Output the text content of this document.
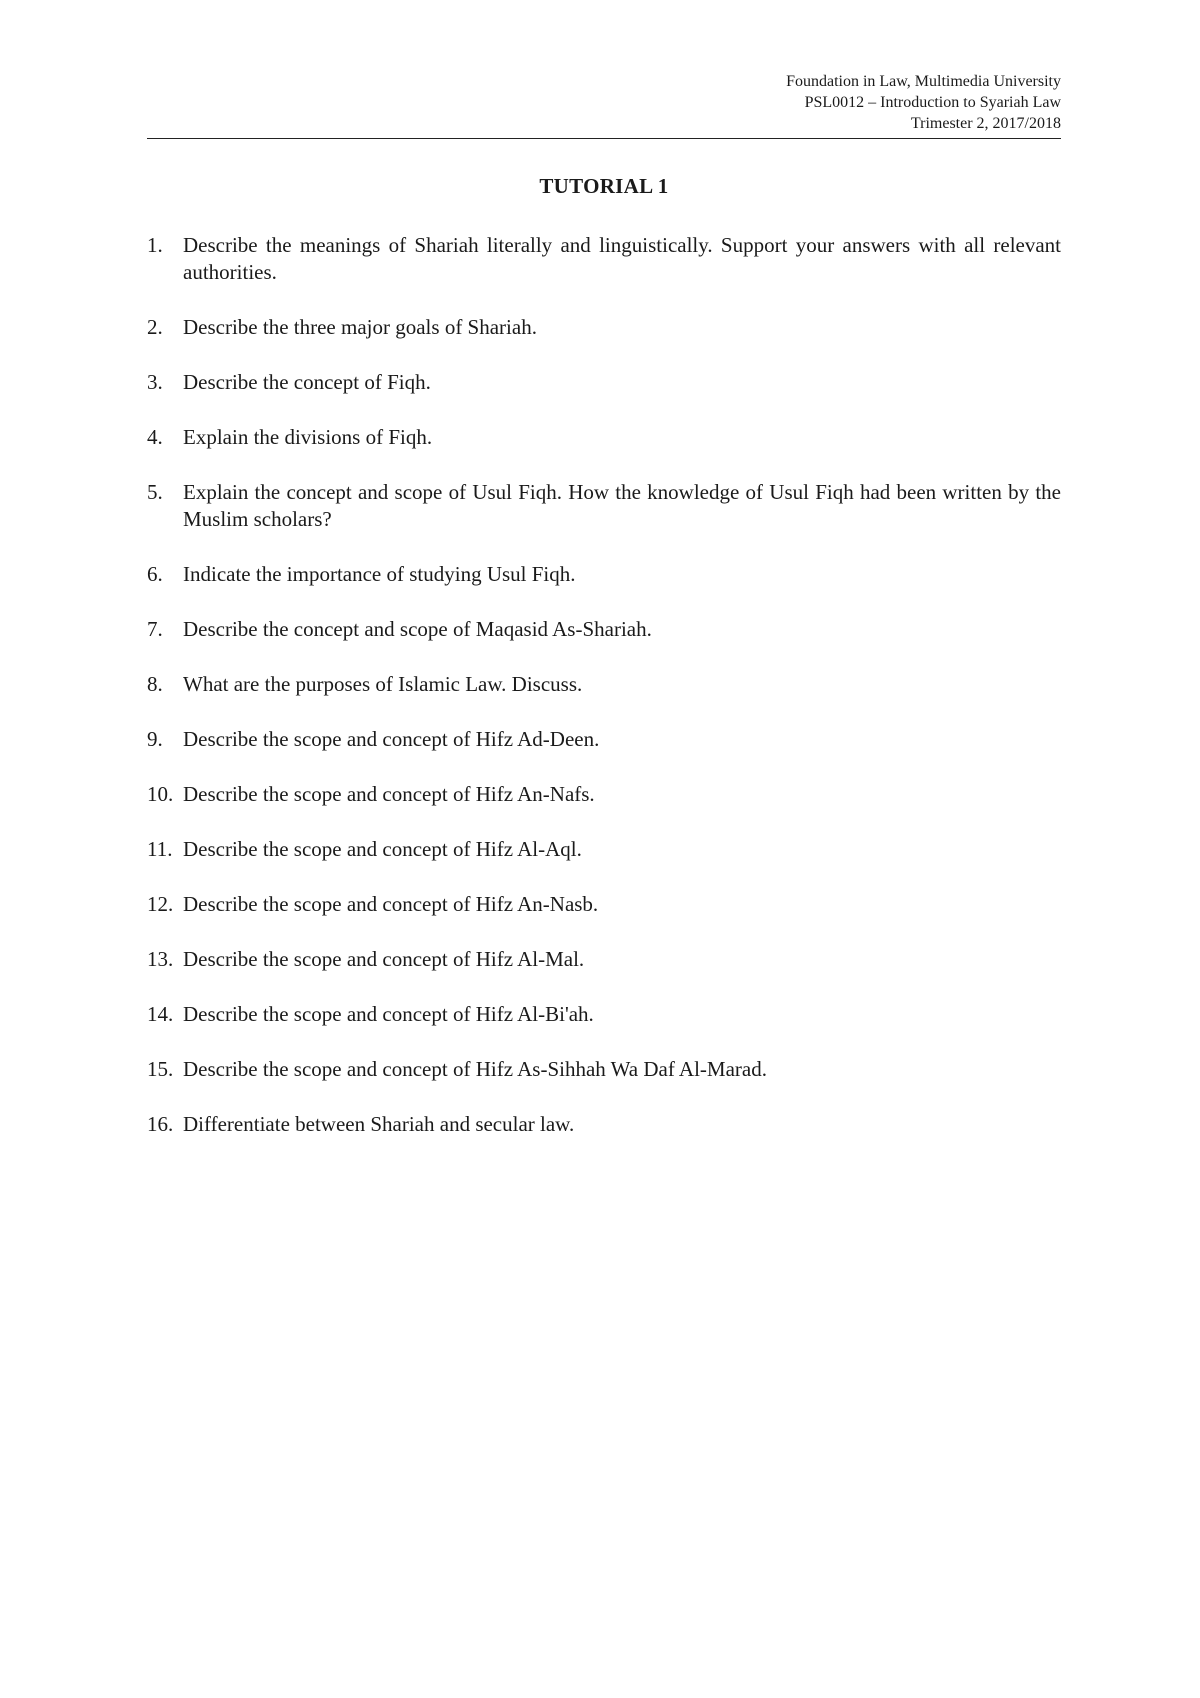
Foundation in Law, Multimedia University
PSL0012 – Introduction to Syariah Law
Trimester 2, 2017/2018
TUTORIAL 1
1. Describe the meanings of Shariah literally and linguistically. Support your answers with all relevant authorities.
2. Describe the three major goals of Shariah.
3. Describe the concept of Fiqh.
4. Explain the divisions of Fiqh.
5. Explain the concept and scope of Usul Fiqh. How the knowledge of Usul Fiqh had been written by the Muslim scholars?
6. Indicate the importance of studying Usul Fiqh.
7. Describe the concept and scope of Maqasid As-Shariah.
8. What are the purposes of Islamic Law. Discuss.
9. Describe the scope and concept of Hifz Ad-Deen.
10. Describe the scope and concept of Hifz An-Nafs.
11. Describe the scope and concept of Hifz Al-Aql.
12. Describe the scope and concept of Hifz An-Nasb.
13. Describe the scope and concept of Hifz Al-Mal.
14. Describe the scope and concept of Hifz Al-Bi'ah.
15. Describe the scope and concept of Hifz As-Sihhah Wa Daf Al-Marad.
16. Differentiate between Shariah and secular law.
